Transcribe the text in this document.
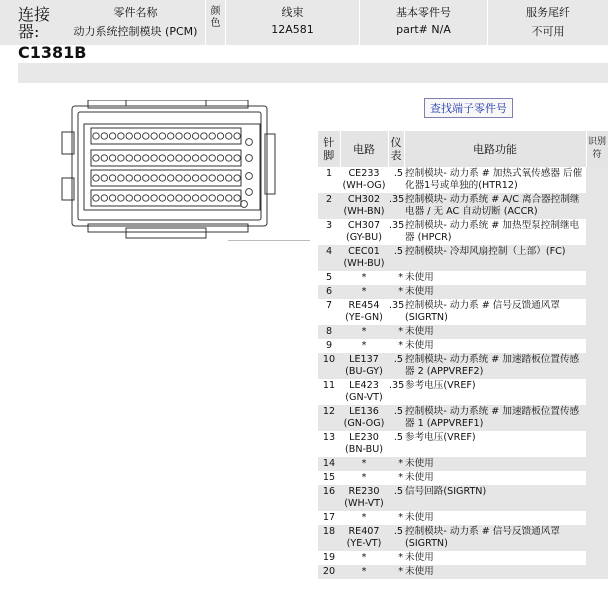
连接器:
零件名称
动力系统控制模块 (PCM)
颜色
线束
12A581
基本零件号
part# N/A
服务尾纤
不可用
C1381B
查找端子零件号
针脚	电路	仪表	电路功能	识别符
1	CE233
(WH-OG)	.5	控制模块- 动力系 # 加热式氧传感器 后催化器1号或单独的(HTR12)	
2	CH302
(WH-BN)	.35	控制模块- 动力系统 # A/C 离合器控制继电器 / 无 AC 自动切断 (ACCR)	
3	CH307
(GY-BU)	.35	控制模块- 动力系统 # 加热型泵控制继电器 (HPCR)	
4	CEC01
(WH-BU)	.5	控制模块- 冷却风扇控制（上部）(FC)	
5	*	*	未使用	
6	*	*	未使用	
7	RE454
(YE-GN)	.35	控制模块- 动力系 # 信号反馈通风罩 (SIGRTN)	
8	*	*	未使用	
9	*	*	未使用	
10	LE137
(BU-GY)	.5	控制模块- 动力系统 # 加速踏板位置传感器 2 (APPVREF2)	
11	LE423
(GN-VT)	.35	参考电压(VREF)	
12	LE136
(GN-OG)	.5	控制模块- 动力系统 # 加速踏板位置传感器 1 (APPVREF1)	
13	LE230
(BN-BU)	.5	参考电压(VREF)	
14	*	*	未使用	
15	*	*	未使用	
16	RE230
(WH-VT)	.5	信号回路(SIGRTN)	
17	*	*	未使用	
18	RE407
(YE-VT)	.5	控制模块- 动力系 # 信号反馈通风罩 (SIGRTN)	
19	*	*	未使用	
20	*	*	未使用	
